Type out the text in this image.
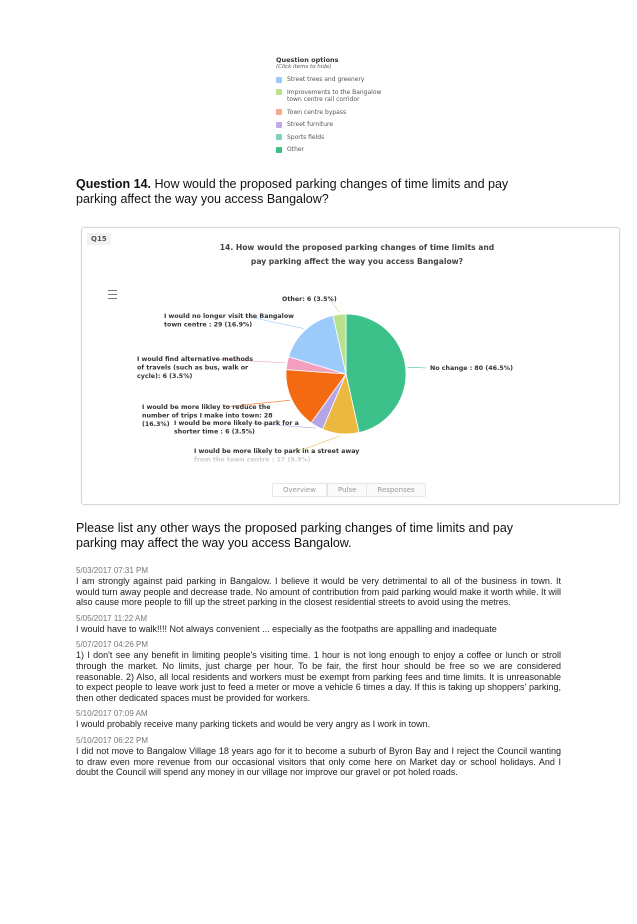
Question options
(Click items to hide)
Street trees and greenery
Improvements to the Bangalow town centre rail corridor
Town centre bypass
Street furniture
Sports fields
Other
Question 14. How would the proposed parking changes of time limits and pay parking affect the way you access Bangalow?
Q15
14. How would the proposed parking changes of time limits and pay parking affect the way you access Bangalow?
No change : 80 (46.5%)
I would be more likely to park in a street away from the town centre : 17 (9.9%)
I would be more likely to park for a shorter time : 6 (3.5%)
I would be more likley to reduce the number of trips I make into town: 28 (16.3%)
I would find alternative methods of travels (such as bus, walk or cycle): 6 (3.5%)
I would no longer visit the Bangalow town centre : 29 (16.9%)
Other: 6 (3.5%)
Overview	Pulse	Responses
Please list any other ways the proposed parking changes of time limits and pay parking may affect the way you access Bangalow.
5/03/2017 07:31 PM
I am strongly against paid parking in Bangalow. I believe it would be very detrimental to all of the business in town. It would turn away people and decrease trade. No amount of contribution from paid parking would make it worth while. It will also cause more people to fill up the street parking in the closest residential streets to avoid using the metres.
5/05/2017 11:22 AM
I would have to walk!!!! Not always convenient ... especially as the footpaths are appalling and inadequate
5/07/2017 04:26 PM
1) I don't see any benefit in limiting people's visiting time. 1 hour is not long enough to enjoy a coffee or lunch or stroll through the market. No limits, just charge per hour. To be fair, the first hour should be free so we are considered reasonable. 2) Also, all local residents and workers must be exempt from parking fees and time limits. It is unreasonable to expect people to leave work just to feed a meter or move a vehicle 6 times a day. If this is taking up shoppers' parking, then other dedicated spaces must be provided for workers.
5/10/2017 07:09 AM
I would probably receive many parking tickets and would be very angry as I work in town.
5/10/2017 06:22 PM
I did not move to Bangalow Village 18 years ago for it to become a suburb of Byron Bay and I reject the Council wanting to draw even more revenue from our occasional visitors that only come here on Market day or school holidays. And I doubt the Council will spend any money in our village nor improve our gravel or pot holed roads.
